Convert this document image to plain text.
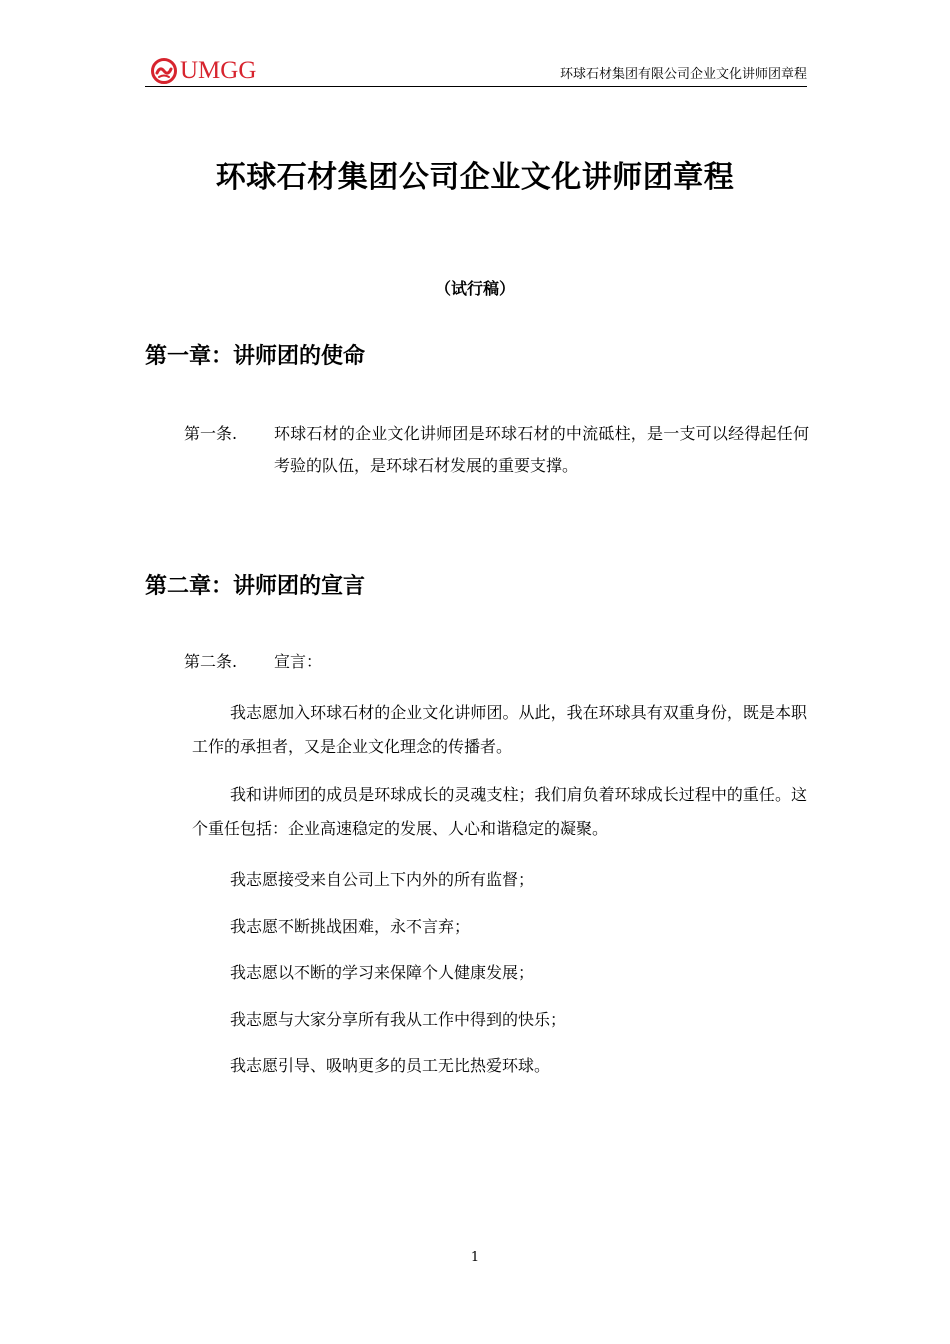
UMGG	环球石材集团有限公司企业文化讲师团章程
环球石材集团公司企业文化讲师团章程
（试行稿）
第一章：讲师团的使命
第一条. 环球石材的企业文化讲师团是环球石材的中流砥柱，是一支可以经得起任何考验的队伍，是环球石材发展的重要支撑。
第二章：讲师团的宣言
第二条. 宣言：
我志愿加入环球石材的企业文化讲师团。从此，我在环球具有双重身份，既是本职工作的承担者，又是企业文化理念的传播者。
我和讲师团的成员是环球成长的灵魂支柱；我们肩负着环球成长过程中的重任。这个重任包括：企业高速稳定的发展、人心和谐稳定的凝聚。
我志愿接受来自公司上下内外的所有监督；
我志愿不断挑战困难，永不言弃；
我志愿以不断的学习来保障个人健康发展；
我志愿与大家分享所有我从工作中得到的快乐；
我志愿引导、吸呐更多的员工无比热爱环球。
1
